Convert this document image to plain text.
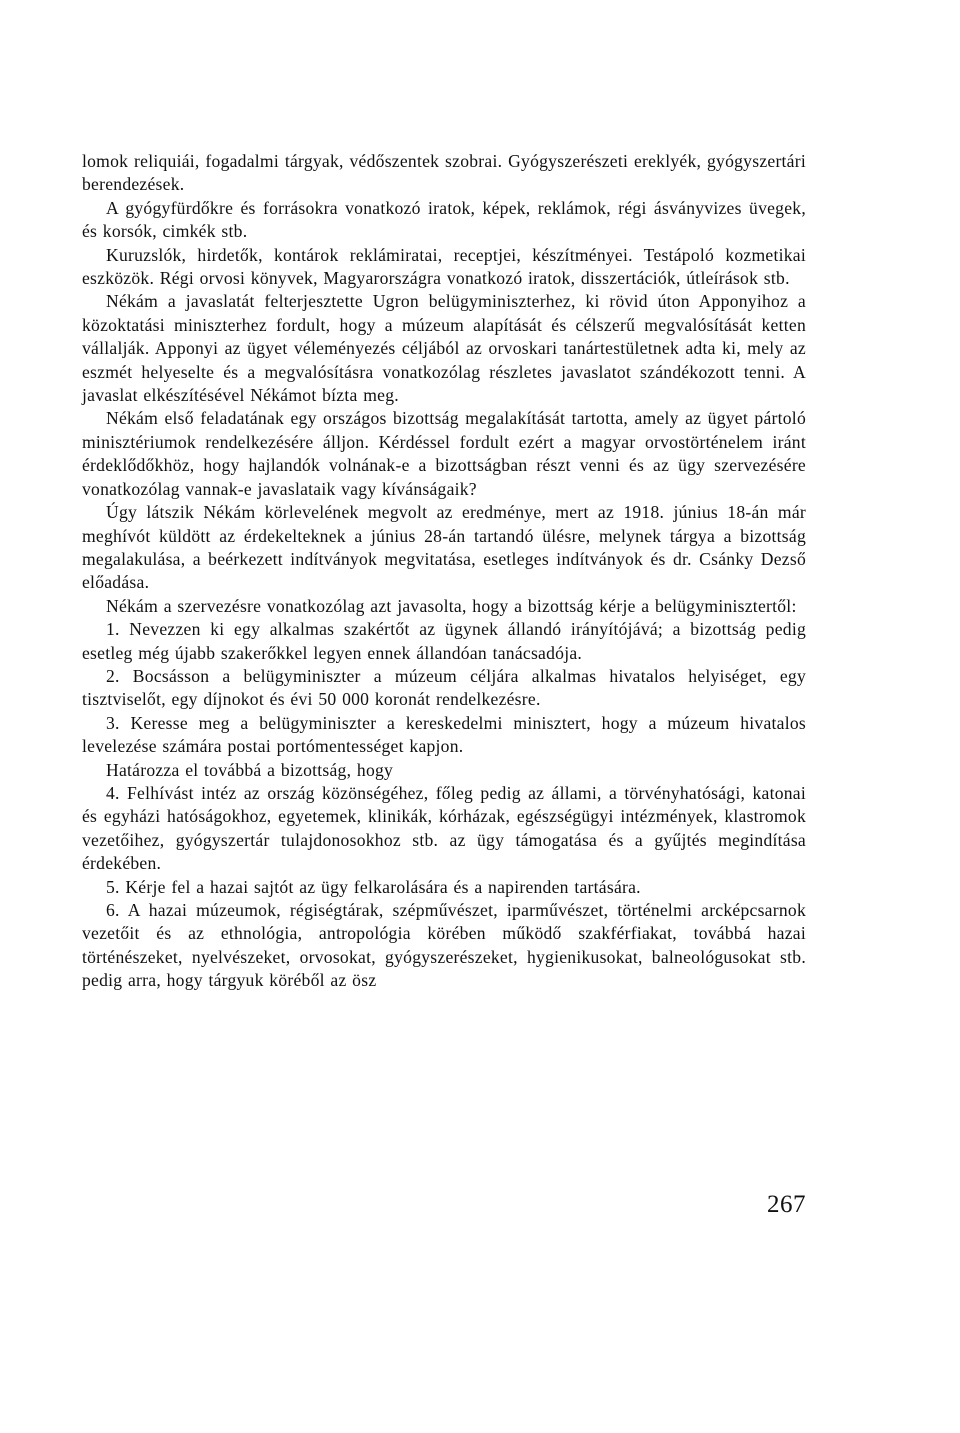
lomok reliquiái, fogadalmi tárgyak, védőszentek szobrai. Gyógyszerészeti ereklyék, gyógyszertári berendezések.

A gyógyfürdőkre és forrásokra vonatkozó iratok, képek, reklámok, régi ásványvizes üvegek, és korsók, cimkék stb.

Kuruzslók, hirdetők, kontárok reklámiratai, receptjei, készítményei. Testápoló kozmetikai eszközök. Régi orvosi könyvek, Magyarországra vonatkozó iratok, disszertációk, útleírások stb.

Nékám a javaslatát felterjesztette Ugron belügyminiszterhez, ki rövid úton Apponyihoz a közoktatási miniszterhez fordult, hogy a múzeum alapítását és célszerű megvalósítását ketten vállalják. Apponyi az ügyet véleményezés céljából az orvoskari tanártestületnek adta ki, mely az eszmét helyeselte és a megvalósításra vonatkozólag részletes javaslatot szándékozott tenni. A javaslat elkészítésével Nékámot bízta meg.

Nékám első feladatának egy országos bizottság megalakítását tartotta, amely az ügyet pártoló minisztériumok rendelkezésére álljon. Kérdéssel fordult ezért a magyar orvostörténelem iránt érdeklődőkhöz, hogy hajlandók volnának-e a bizottságban részt venni és az ügy szervezésére vonatkozólag vannak-e javaslataik vagy kívánságaik?

Úgy látszik Nékám körlevelének megvolt az eredménye, mert az 1918. június 18-án már meghívót küldött az érdekelteknek a június 28-án tartandó ülésre, melynek tárgya a bizottság megalakulása, a beérkezett indítványok megvitatása, esetleges indítványok és dr. Csánky Dezső előadása.

Nékám a szervezésre vonatkozólag azt javasolta, hogy a bizottság kérje a belügyminisztertől:

1. Nevezzen ki egy alkalmas szakértőt az ügynek állandó irányítójává; a bizottság pedig esetleg még újabb szakerőkkel legyen ennek állandóan tanácsadója.

2. Bocsásson a belügyminiszter a múzeum céljára alkalmas hivatalos helyiséget, egy tisztviselőt, egy díjnokot és évi 50 000 koronát rendelkezésre.

3. Keresse meg a belügyminiszter a kereskedelmi minisztert, hogy a múzeum hivatalos levelezése számára postai portómentességet kapjon.

Határozza el továbbá a bizottság, hogy

4. Felhívást intéz az ország közönségéhez, főleg pedig az állami, a törvényhatósági, katonai és egyházi hatóságokhoz, egyetemek, klinikák, kórházak, egészségügyi intézmények, klastromok vezetőihez, gyógyszertár tulajdonosokhoz stb. az ügy támogatása és a gyűjtés megindítása érdekében.

5. Kérje fel a hazai sajtót az ügy felkarolására és a napirenden tartására.

6. A hazai múzeumok, régiségtárak, szépművészet, iparművészet, történelmi arcképcsarnok vezetőit és az ethnológia, antropológia körében működő szakférfiakat, továbbá hazai történészeket, nyelvészeket, orvosokat, gyógyszerészeket, hygienikusokat, balneológusokat stb. pedig arra, hogy tárgyuk köréből az ösz

267
